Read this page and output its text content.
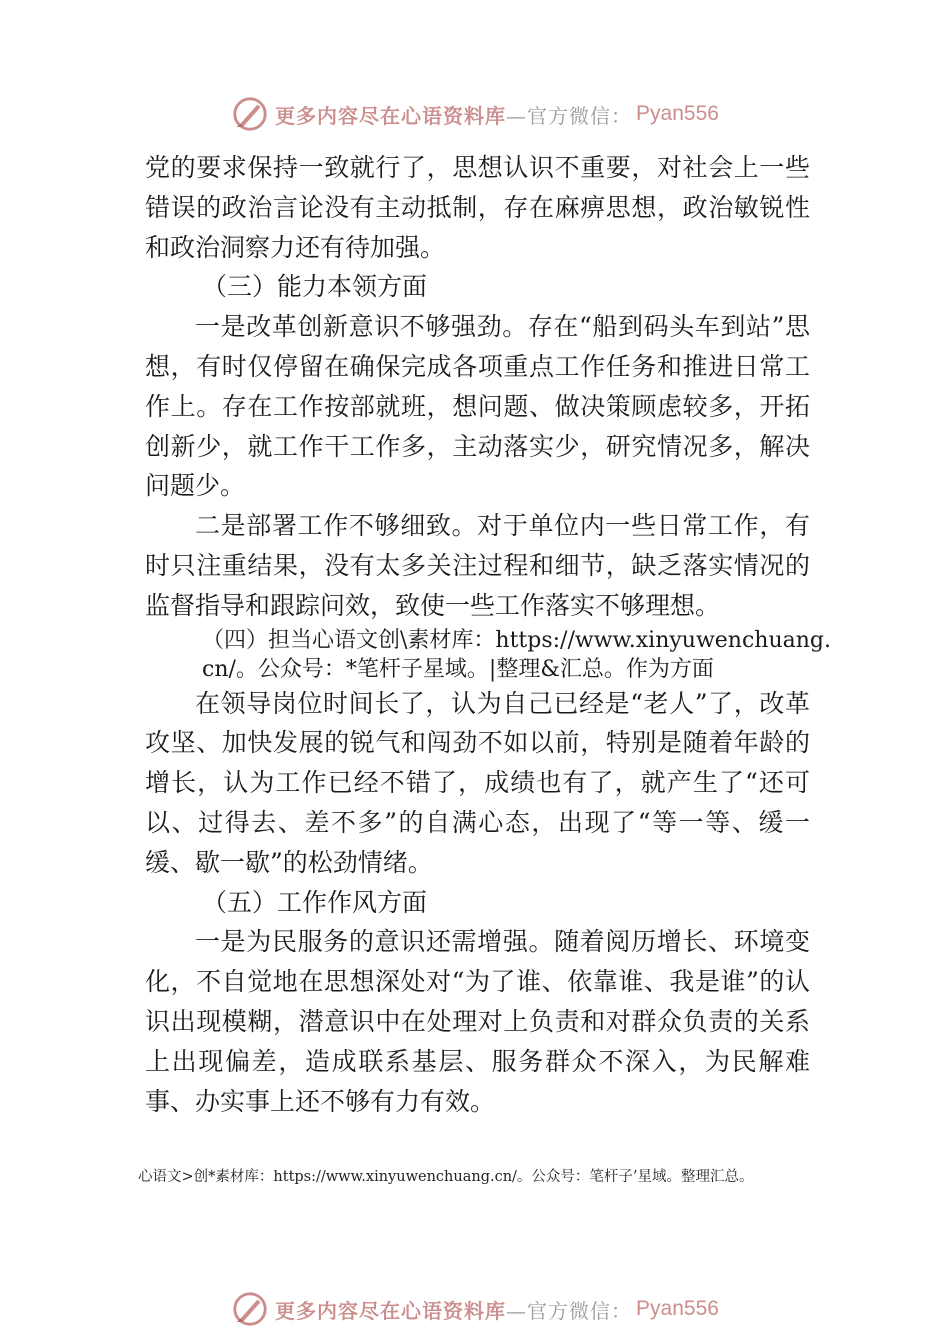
更多内容尽在心语资料库 —官方微信： Pyan556

党的要求保持一致就行了，思想认识不重要，对社会上一些错误的政治言论没有主动抵制，存在麻痹思想，政治敏锐性和政治洞察力还有待加强。

（三）能力本领方面

一是改革创新意识不够强劲。存在“船到码头车到站”思想，有时仅停留在确保完成各项重点工作任务和推进日常工作上。存在工作按部就班，想问题、做决策顾虑较多，开拓创新少，就工作干工作多，主动落实少，研究情况多，解决问题少。

二是部署工作不够细致。对于单位内一些日常工作，有时只注重结果，没有太多关注过程和细节，缺乏落实情况的监督指导和跟踪问效，致使一些工作落实不够理想。

（四）担当心语文创\素材库：https://www.xinyuwenchuang.cn/。公众号：*笔杆子星域。|整理&汇总。作为方面

在领导岗位时间长了，认为自己已经是“老人”了，改革攻坚、加快发展的锐气和闯劲不如以前，特别是随着年龄的增长，认为工作已经不错了，成绩也有了，就产生了“还可以、过得去、差不多”的自满心态，出现了“等一等、缓一缓、歇一歇”的松劲情绪。

（五）工作作风方面

一是为民服务的意识还需增强。随着阅历增长、环境变化，不自觉地在思想深处对“为了谁、依靠谁、我是谁”的认识出现模糊，潜意识中在处理对上负责和对群众负责的关系上出现偏差，造成联系基层、服务群众不深入，为民解难事、办实事上还不够有力有效。

心语文>创*素材库：https://www.xinyuwenchuang.cn/。公众号：笔杆子’星域。整理汇总。
更多内容尽在心语资料库 —官方微信： Pyan556
